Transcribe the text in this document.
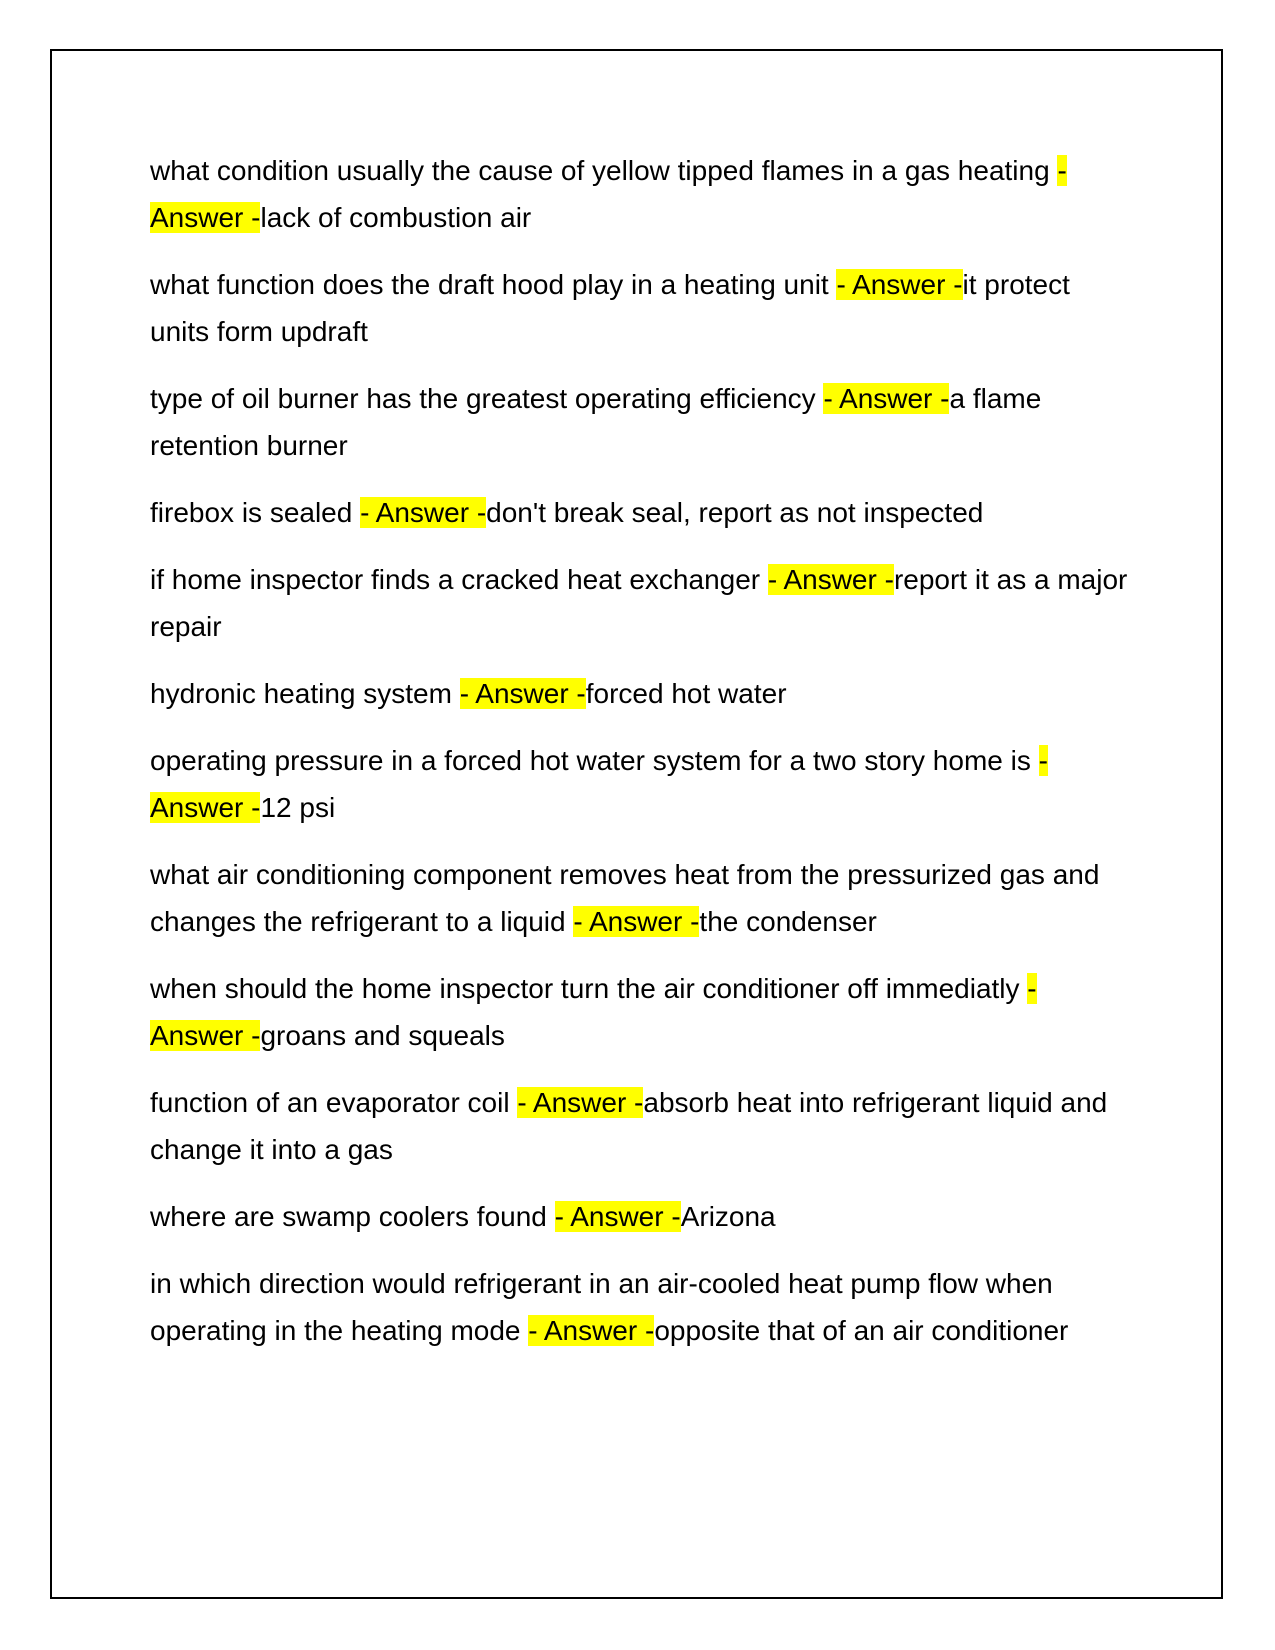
what condition usually the cause of yellow tipped flames in a gas heating - Answer -lack of combustion air

what function does the draft hood play in a heating unit - Answer -it protect units form updraft

type of oil burner has the greatest operating efficiency - Answer -a flame retention burner

firebox is sealed - Answer -don't break seal, report as not inspected

if home inspector finds a cracked heat exchanger - Answer -report it as a major repair

hydronic heating system - Answer -forced hot water

operating pressure in a forced hot water system for a two story home is - Answer -12 psi

what air conditioning component removes heat from the pressurized gas and changes the refrigerant to a liquid - Answer -the condenser

when should the home inspector turn the air conditioner off immediatly - Answer -groans and squeals

function of an evaporator coil - Answer -absorb heat into refrigerant liquid and change it into a gas

where are swamp coolers found - Answer -Arizona

in which direction would refrigerant in an air-cooled heat pump flow when operating in the heating mode - Answer -opposite that of an air conditioner
